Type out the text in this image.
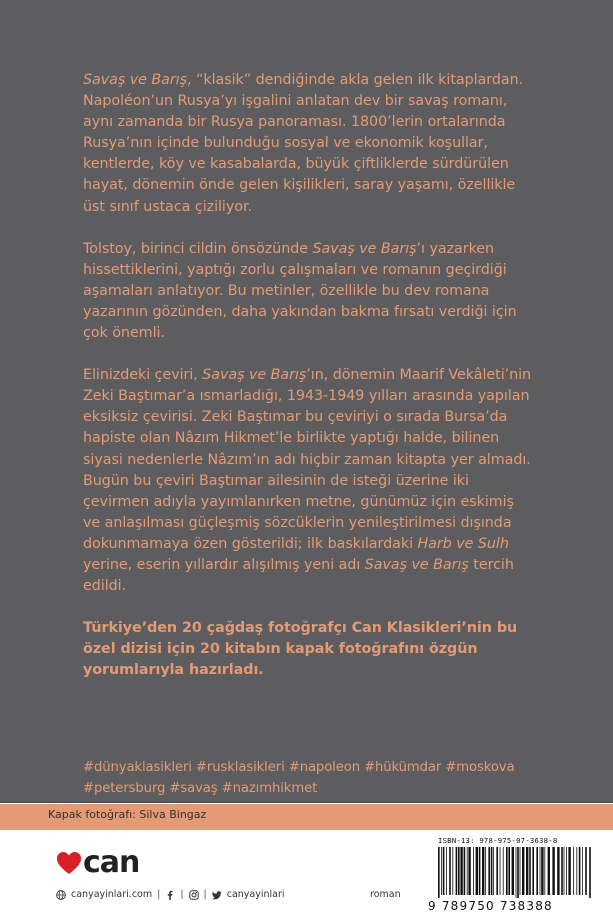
Savaş ve Barış, “klasik” dendiğinde akla gelen ilk kitaplardan. Napoléon’un Rusya’yı işgalini anlatan dev bir savaş romanı, aynı zamanda bir Rusya panoraması. 1800’lerin ortalarında Rusya’nın içinde bulunduğu sosyal ve ekonomik koşullar, kentlerde, köy ve kasabalarda, büyük çiftliklerde sürdürülen hayat, dönemin önde gelen kişilikleri, saray yaşamı, özellikle üst sınıf ustaca çiziliyor.

Tolstoy, birinci cildin önsözünde Savaş ve Barış’ı yazarken hissettiklerini, yaptığı zorlu çalışmaları ve romanın geçirdiği aşamaları anlatıyor. Bu metinler, özellikle bu dev romana yazarının gözünden, daha yakından bakma fırsatı verdiği için çok önemli.

Elinizdeki çeviri, Savaş ve Barış’ın, dönemin Maarif Vekâleti’nin Zeki Baştımar’a ısmarladığı, 1943-1949 yılları arasında yapılan eksiksiz çevirisi. Zeki Baştımar bu çeviriyi o sırada Bursa’da hapiste olan Nâzım Hikmet’le birlikte yaptığı halde, bilinen siyasi nedenlerle Nâzım’ın adı hiçbir zaman kitapta yer almadı. Bugün bu çeviri Baştımar ailesinin de isteği üzerine iki çevirmen adıyla yayımlanırken metne, günümüz için eskimiş ve anlaşılması güçleşmiş sözcüklerin yenileştirilmesi dışında dokunmamaya özen gösterildi; ilk baskılardaki Harb ve Sulh yerine, eserin yıllardır alışılmış yeni adı Savaş ve Barış tercih edildi.

Türkiye’den 20 çağdaş fotoğrafçı Can Klasikleri’nin bu özel dizisi için 20 kitabın kapak fotoğrafını özgün yorumlarıyla hazırladı.

#dünyaklasikleri #rusklasikleri #napoleon #hükümdar #moskova
#petersburg #savaş #nazımhikmet
Kapak fotoğrafı: Silva Bingaz
can
canyayinlari.com | | | canyayinlari	roman
ISBN-13: 978-975-07-3638-8
9 789750 738388
